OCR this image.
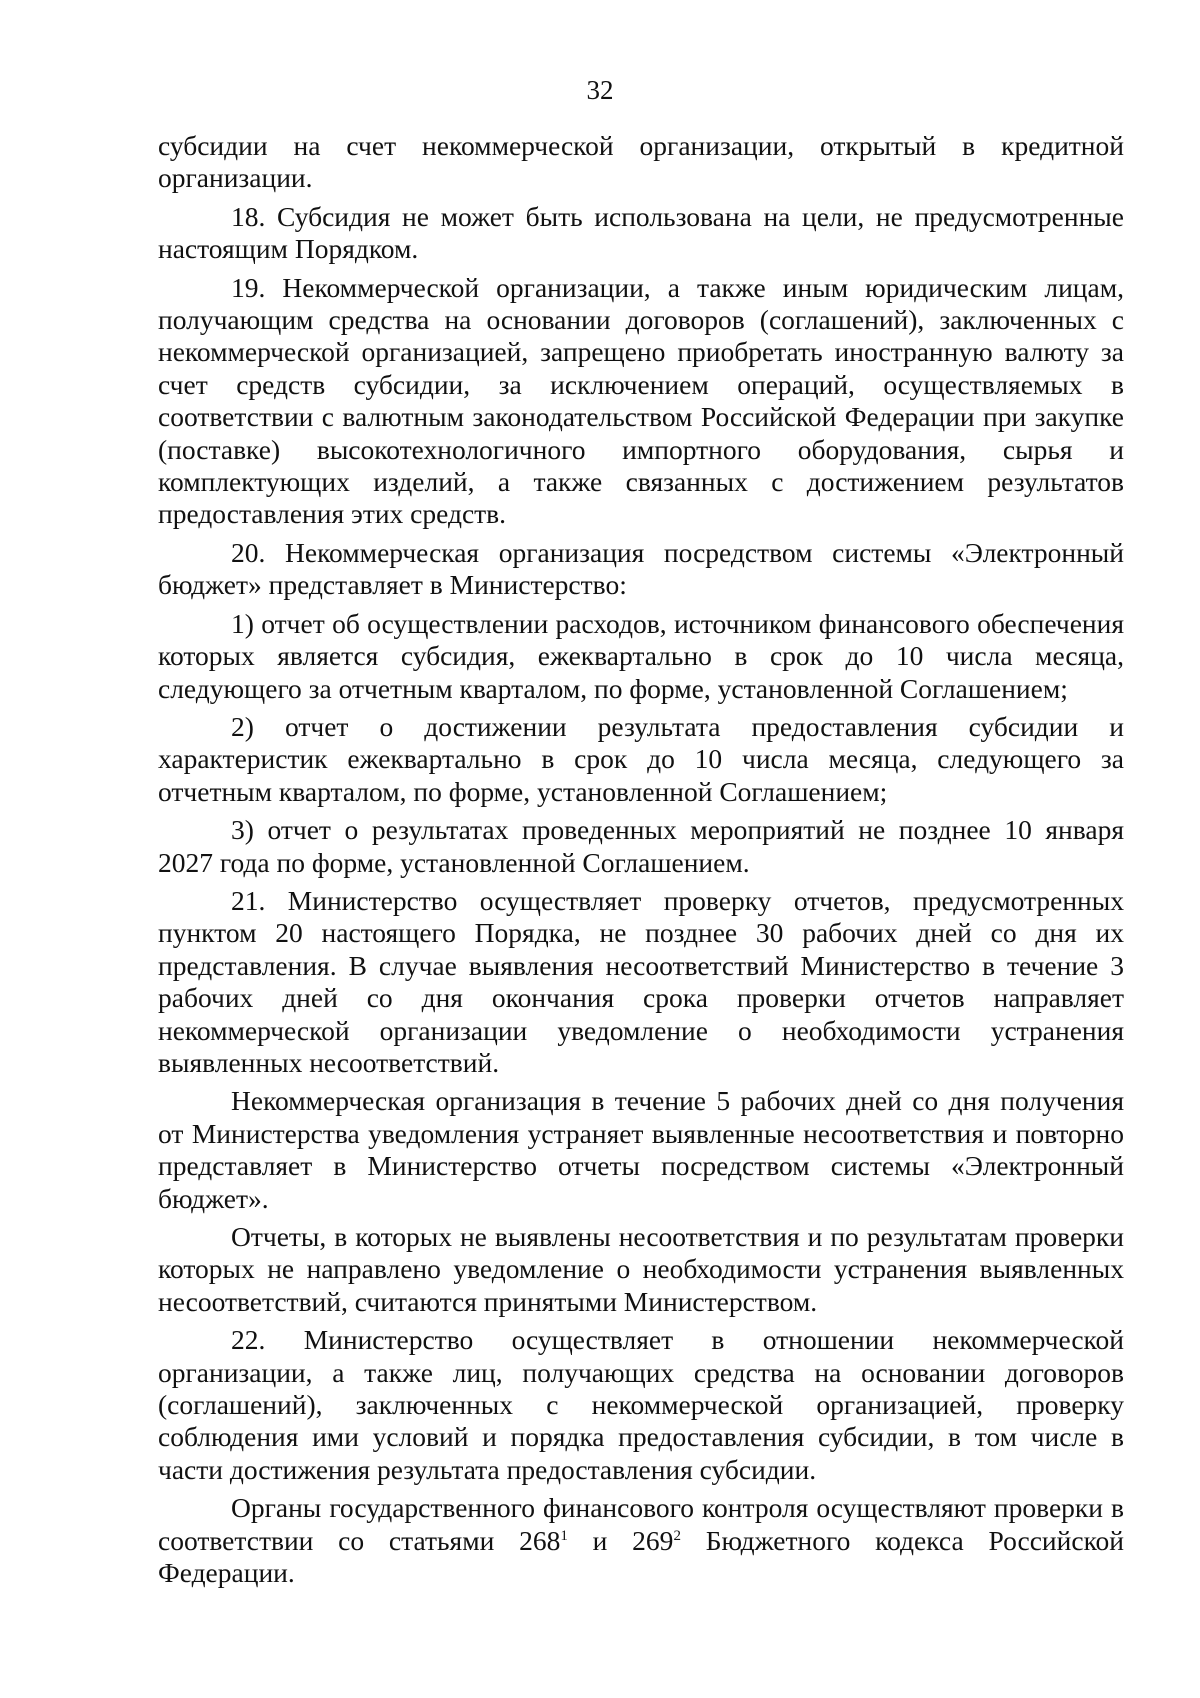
32

субсидии на счет некоммерческой организации, открытый в кредитной организации.

18. Субсидия не может быть использована на цели, не предусмотренные настоящим Порядком.

19. Некоммерческой организации, а также иным юридическим лицам, получающим средства на основании договоров (соглашений), заключенных с некоммерческой организацией, запрещено приобретать иностранную валюту за счет средств субсидии, за исключением операций, осуществляемых в соответствии с валютным законодательством Российской Федерации при закупке (поставке) высокотехнологичного импортного оборудования, сырья и комплектующих изделий, а также связанных с достижением результатов предоставления этих средств.

20. Некоммерческая организация посредством системы «Электронный бюджет» представляет в Министерство:

1) отчет об осуществлении расходов, источником финансового обеспечения которых является субсидия, ежеквартально в срок до 10 числа месяца, следующего за отчетным кварталом, по форме, установленной Соглашением;

2) отчет о достижении результата предоставления субсидии и характеристик ежеквартально в срок до 10 числа месяца, следующего за отчетным кварталом, по форме, установленной Соглашением;

3) отчет о результатах проведенных мероприятий не позднее 10 января 2027 года по форме, установленной Соглашением.

21. Министерство осуществляет проверку отчетов, предусмотренных пунктом 20 настоящего Порядка, не позднее 30 рабочих дней со дня их представления. В случае выявления несоответствий Министерство в течение 3 рабочих дней со дня окончания срока проверки отчетов направляет некоммерческой организации уведомление о необходимости устранения выявленных несоответствий.

Некоммерческая организация в течение 5 рабочих дней со дня получения от Министерства уведомления устраняет выявленные несоответствия и повторно представляет в Министерство отчеты посредством системы «Электронный бюджет».

Отчеты, в которых не выявлены несоответствия и по результатам проверки которых не направлено уведомление о необходимости устранения выявленных несоответствий, считаются принятыми Министерством.

22. Министерство осуществляет в отношении некоммерческой организации, а также лиц, получающих средства на основании договоров (соглашений), заключенных с некоммерческой организацией, проверку соблюдения ими условий и порядка предоставления субсидии, в том числе в части достижения результата предоставления субсидии.

Органы государственного финансового контроля осуществляют проверки в соответствии со статьями $268^1$ и $269^2$ Бюджетного кодекса Российской Федерации.
